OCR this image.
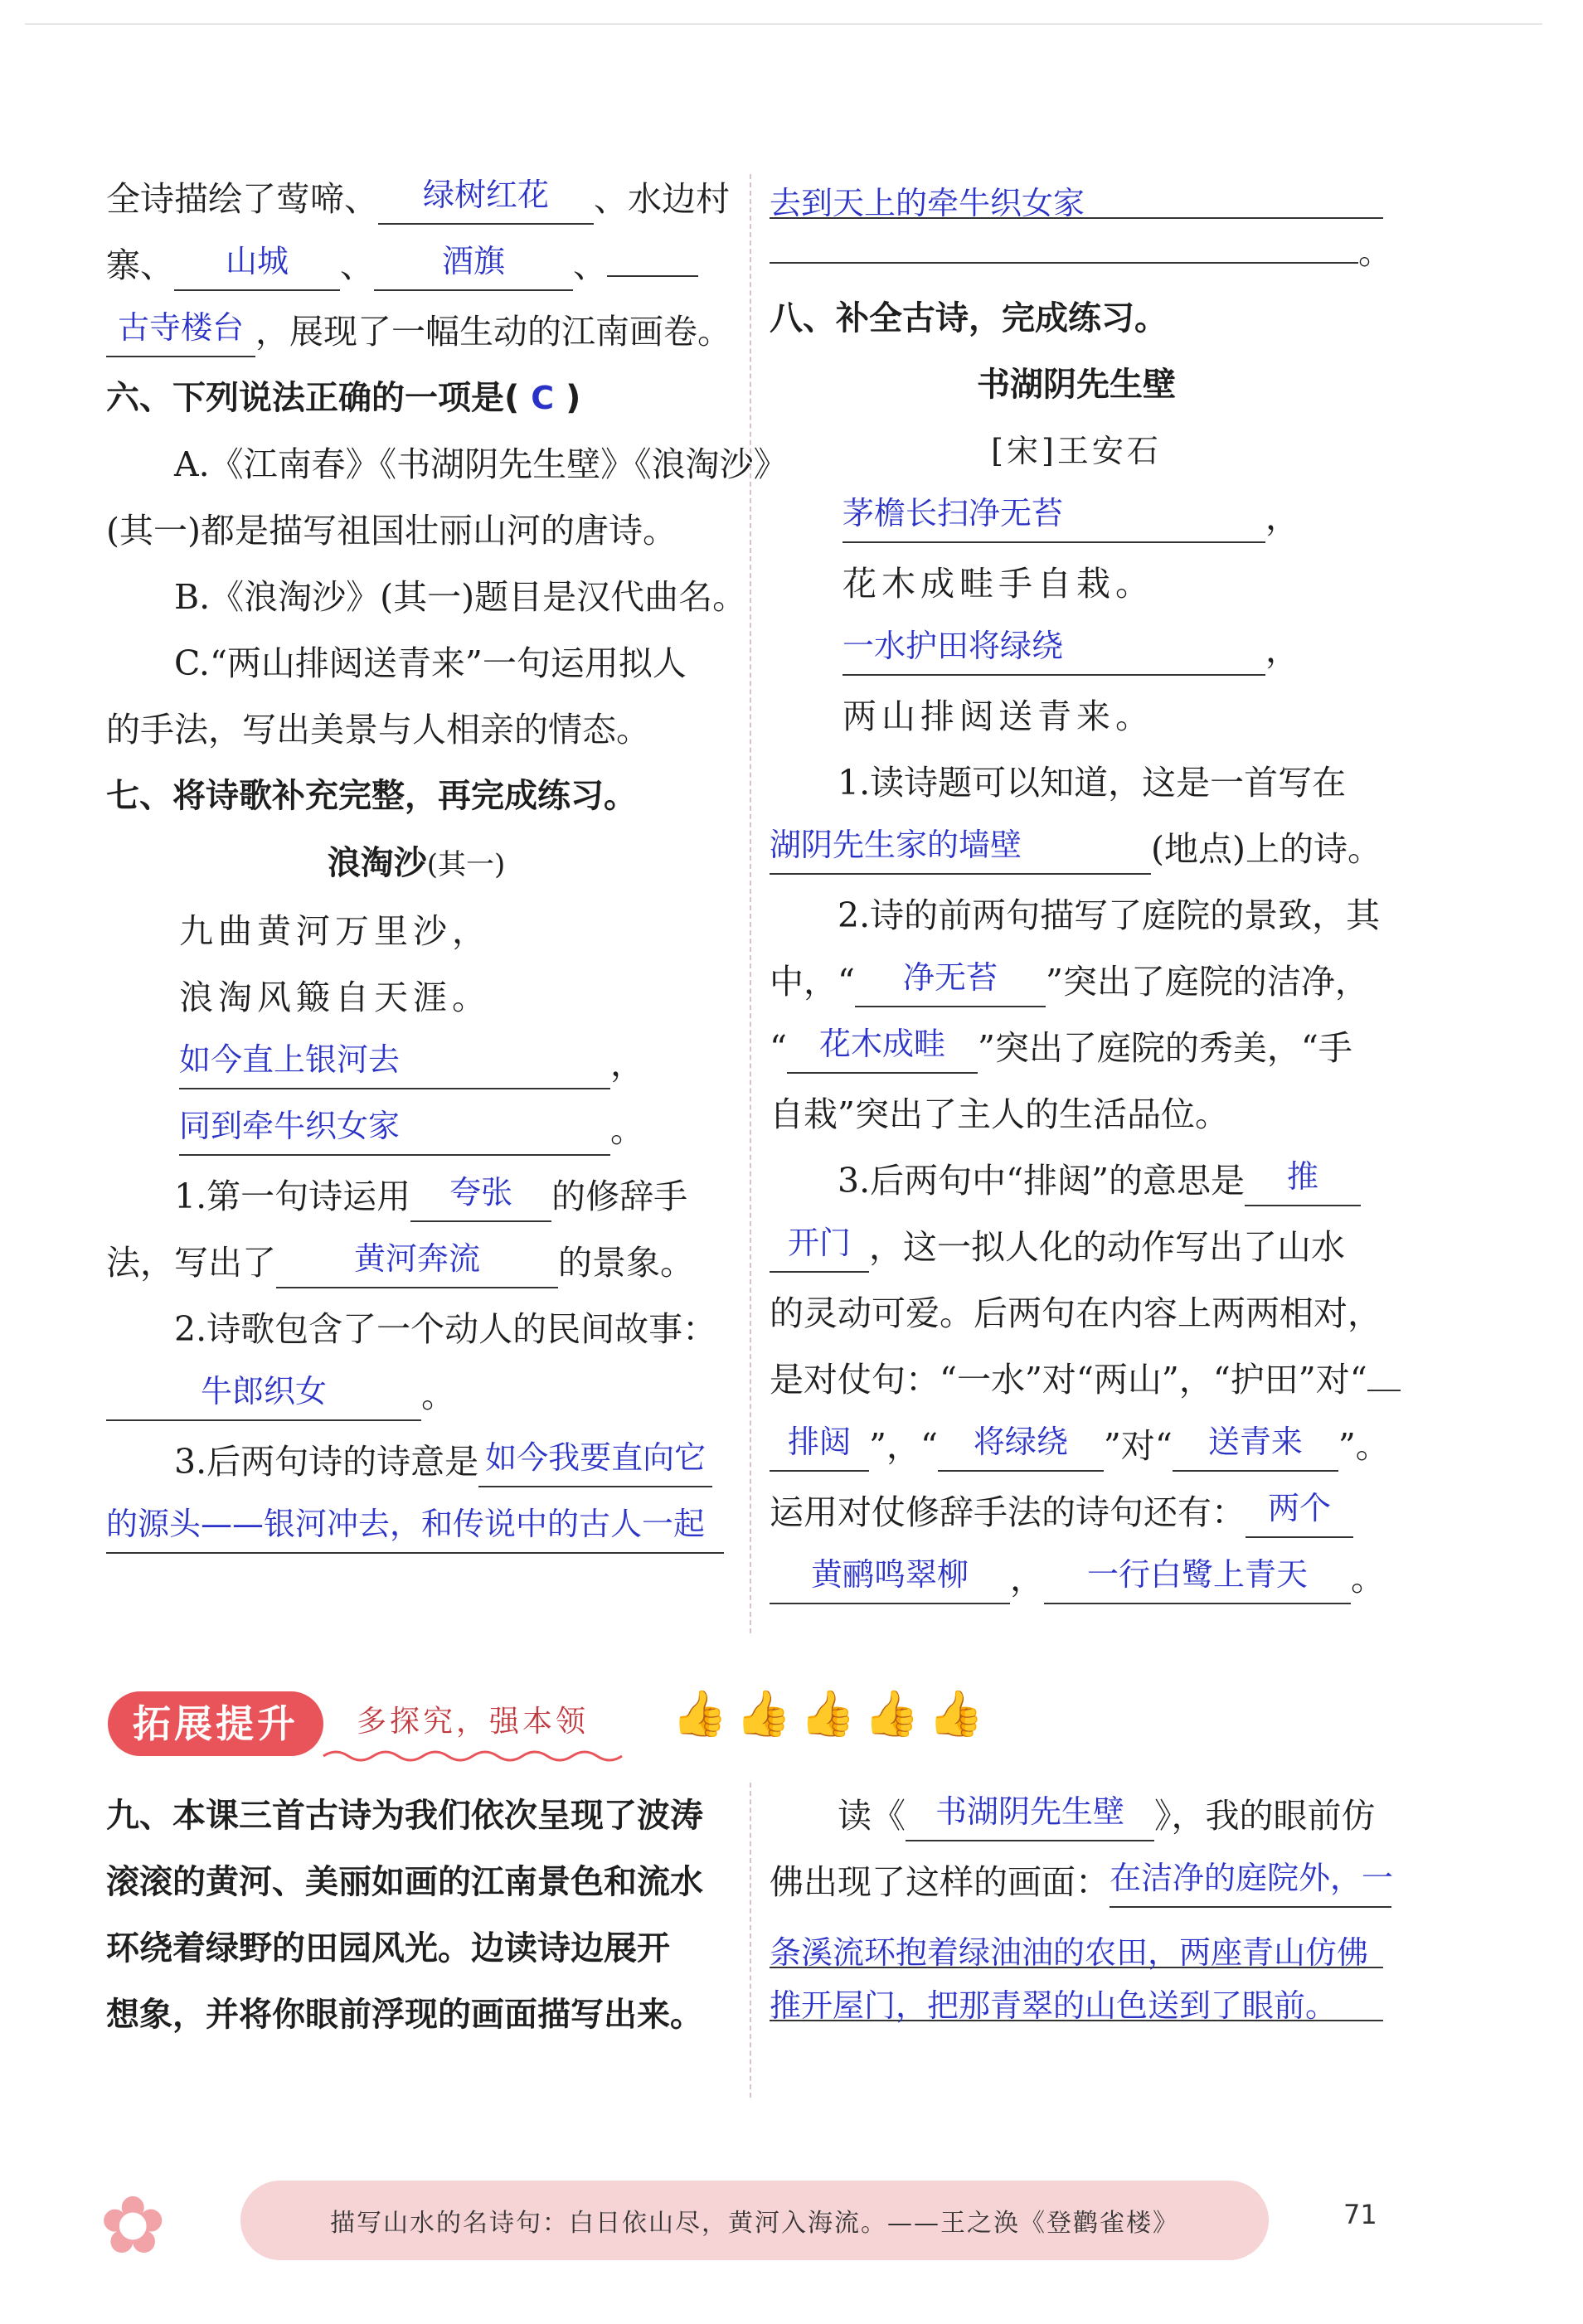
全诗描绘了莺啼、 绿树红花 、水边村
寨、 山城 、 酒旗 、
古寺楼台 ，展现了一幅生动的江南画卷。
六、下列说法正确的一项是( C )
A.《江南春》《书湖阴先生壁》《浪淘沙》
(其一)都是描写祖国壮丽山河的唐诗。
B.《浪淘沙》(其一)题目是汉代曲名。
C.“两山排闼送青来”一句运用拟人
的手法，写出美景与人相亲的情态。
七、将诗歌补充完整，再完成练习。
浪淘沙(其一)
九曲黄河万里沙，
浪淘风簸自天涯。
如今直上银河去	，
同到牵牛织女家	。
1.第一句诗运用 夸张 的修辞手
法，写出了 黄河奔流 的景象。
2.诗歌包含了一个动人的民间故事：
牛郎织女	。
3.后两句诗的诗意是 如今我要直向它
的源头——银河冲去，和传说中的古人一起
去到天上的牵牛织女家
。
八、补全古诗，完成练习。
书湖阴先生壁
[宋]王安石
茅檐长扫净无苔	，
花木成畦手自栽。
一水护田将绿绕	，
两山排闼送青来。
1.读诗题可以知道，这是一首写在
湖阴先生家的墙壁	(地点)上的诗。
2.诗的前两句描写了庭院的景致，其
中，“ 净无苔 ”突出了庭院的洁净，
“ 花木成畦 ”突出了庭院的秀美，“手
自栽”突出了主人的生活品位。
3.后两句中“排闼”的意思是 推
开门 ，这一拟人化的动作写出了山水
的灵动可爱。后两句在内容上两两相对，
是对仗句：“一水”对“两山”，“护田”对“
排闼 ”，“ 将绿绕 ”对“ 送青来 ”。
运用对仗修辞手法的诗句还有： 两个
黄鹂鸣翠柳 ， 一行白鹭上青天 。
拓展提升	多探究，强本领 👍 👍 👍 👍 👍
九、本课三首古诗为我们依次呈现了波涛
滚滚的黄河、美丽如画的江南景色和流水
环绕着绿野的田园风光。边读诗边展开
想象，并将你眼前浮现的画面描写出来。
读《 书湖阴先生壁 》，我的眼前仿
佛出现了这样的画面：在洁净的庭院外，一
条溪流环抱着绿油油的农田，两座青山仿佛
推开屋门，把那青翠的山色送到了眼前。
✿	描写山水的名诗句：白日依山尽，黄河入海流。——王之涣《登鹳雀楼》	71
